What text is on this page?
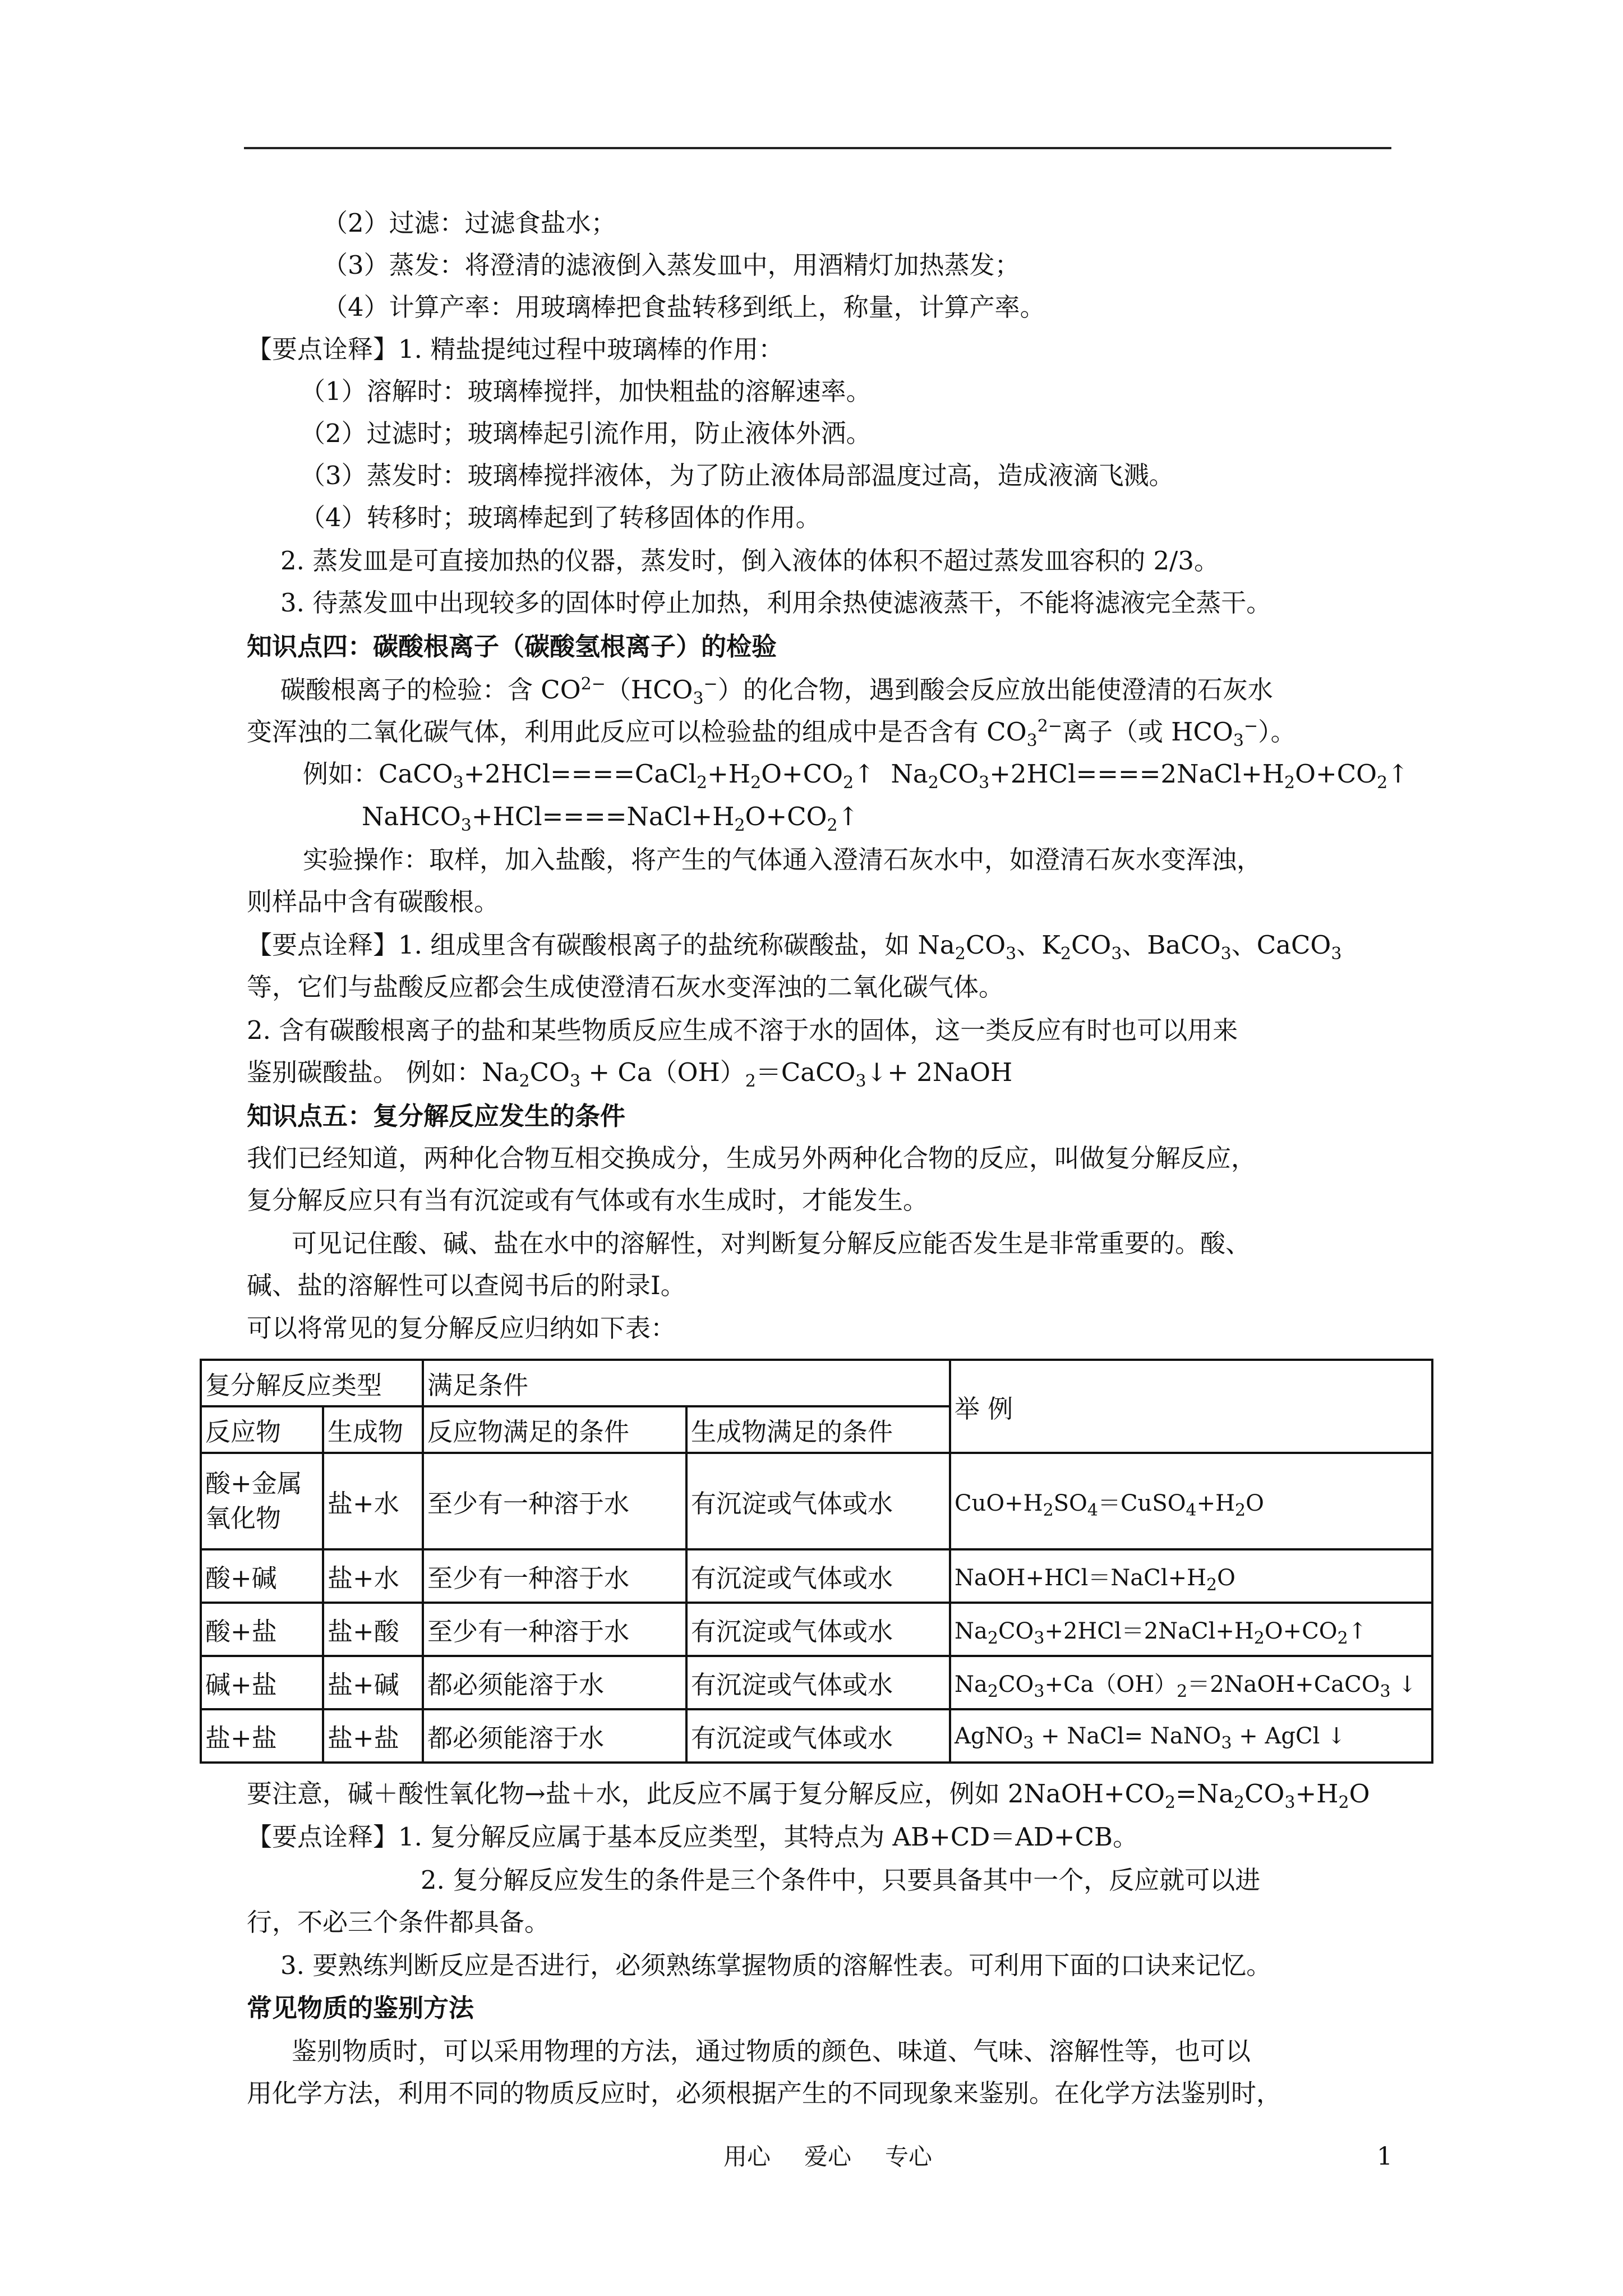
（2）过滤：过滤食盐水；
（3）蒸发：将澄清的滤液倒入蒸发皿中，用酒精灯加热蒸发；
（4）计算产率：用玻璃棒把食盐转移到纸上，称量，计算产率。
【要点诠释】1. 精盐提纯过程中玻璃棒的作用：
（1）溶解时：玻璃棒搅拌，加快粗盐的溶解速率。
（2）过滤时；玻璃棒起引流作用，防止液体外洒。
（3）蒸发时：玻璃棒搅拌液体，为了防止液体局部温度过高，造成液滴飞溅。
（4）转移时；玻璃棒起到了转移固体的作用。
2. 蒸发皿是可直接加热的仪器，蒸发时，倒入液体的体积不超过蒸发皿容积的 2/3。
3. 待蒸发皿中出现较多的固体时停止加热，利用余热使滤液蒸干，不能将滤液完全蒸干。
知识点四：碳酸根离子（碳酸氢根离子）的检验
碳酸根离子的检验：含 $CO^{2-}(HCO_3^-)$的化合物，遇到酸会反应放出能使澄清的石灰水
变浑浊的二氧化碳气体，利用此反应可以检验盐的组成中是否含有 $CO_3^{2-}$离子（或 $HCO_3^-$）。
例如：$CaCO_3+2HCl====CaCl_2+H_2O+CO_2↑$  $Na_2CO_3+2HCl====2NaCl+H_2O+CO_2↑$
$NaHCO_3+HCl====NaCl+H_2O+CO_2↑$
实验操作：取样，加入盐酸，将产生的气体通入澄清石灰水中，如澄清石灰水变浑浊，
则样品中含有碳酸根。
【要点诠释】1. 组成里含有碳酸根离子的盐统称碳酸盐，如 $Na_2CO_3$、$K_2CO_3$、BaCO$_3$、CaCO$_3$
等，它们与盐酸反应都会生成使澄清石灰水变浑浊的二氧化碳气体。
2. 含有碳酸根离子的盐和某些物质反应生成不溶于水的固体，这一类反应有时也可以用来
鉴别碳酸盐。 例如：$Na_2CO_3$ + $Ca(OH)_2=CaCO_3↓+$ 2NaOH
知识点五：复分解反应发生的条件
我们已经知道，两种化合物互相交换成分，生成另外两种化合物的反应，叫做复分解反应，
复分解反应只有当有沉淀或有气体或有水生成时，才能发生。
可见记住酸、碱、盐在水中的溶解性，对判断复分解反应能否发生是非常重要的。酸、
碱、盐的溶解性可以查阅书后的附录Ⅰ。
可以将常见的复分解反应归纳如下表：
复分解反应类型		满足条件		举 例
反应物	生成物	反应物满足的条件	生成物满足的条件	
酸+金属氧化物	盐+水	至少有一种溶于水	有沉淀或气体或水	$CuO+H_2SO_4=CuSO_4+H_2O$
酸+碱	盐+水	至少有一种溶于水	有沉淀或气体或水	$NaOH+HCl=NaCl+H_2O$
酸+盐	盐+酸	至少有一种溶于水	有沉淀或气体或水	$Na_2CO_3+2HCl=2NaCl+H_2O+CO_2↑$
碱+盐	盐+碱	都必须能溶于水	有沉淀或气体或水	$Na_2CO_3+Ca(OH)_2=2NaOH+CaCO_3$ ↓
盐+盐	盐+盐	都必须能溶于水	有沉淀或气体或水	AgNO$_3$ + NaCl= NaNO$_3$ + AgCl ↓
要注意，碱＋酸性氧化物→盐＋水，此反应不属于复分解反应，例如 $2NaOH+CO_2=Na_2CO_3+H_2O$
【要点诠释】1. 复分解反应属于基本反应类型，其特点为 AB+CD＝AD+CB。
2. 复分解反应发生的条件是三个条件中，只要具备其中一个，反应就可以进
行，不必三个条件都具备。
3. 要熟练判断反应是否进行，必须熟练掌握物质的溶解性表。可利用下面的口诀来记忆。
常见物质的鉴别方法
鉴别物质时，可以采用物理的方法，通过物质的颜色、味道、气味、溶解性等，也可以
用化学方法，利用不同的物质反应时，必须根据产生的不同现象来鉴别。在化学方法鉴别时，
用心 爱心 专心	1
